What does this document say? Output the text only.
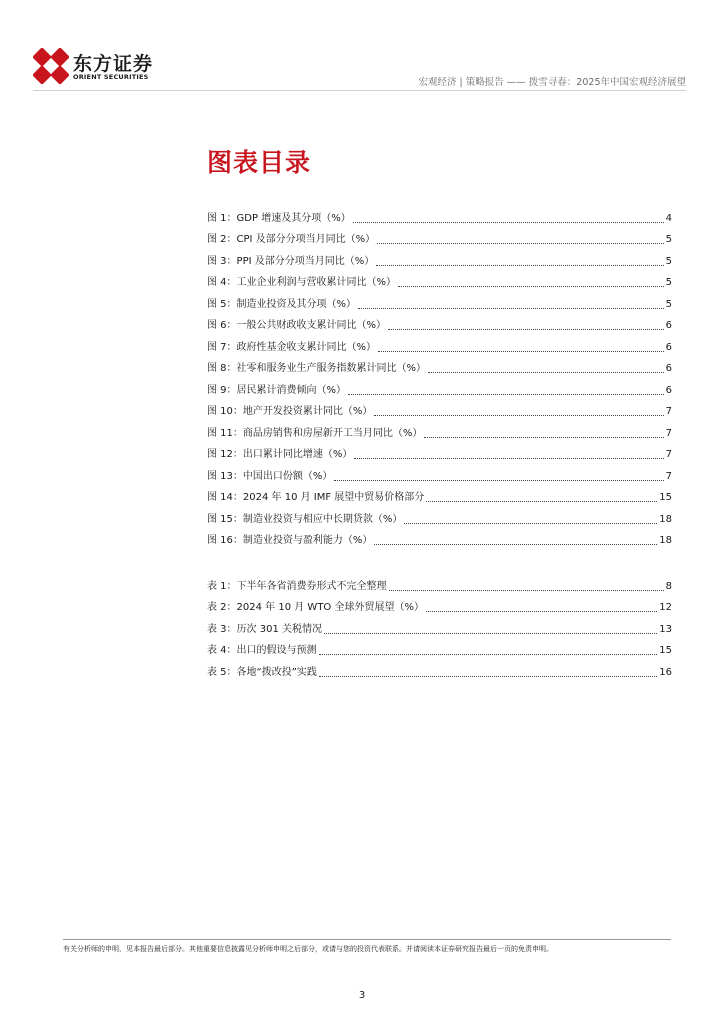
东方证券
ORIENT SECURITIES	宏观经济 | 策略报告 —— 拨雪寻春：2025年中国宏观经济展望
图表目录
图 1：GDP 增速及其分项（%）	4
图 2：CPI 及部分分项当月同比（%）	5
图 3：PPI 及部分分项当月同比（%）	5
图 4：工业企业利润与营收累计同比（%）	5
图 5：制造业投资及其分项（%）	5
图 6：一般公共财政收支累计同比（%）	6
图 7：政府性基金收支累计同比（%）	6
图 8：社零和服务业生产服务指数累计同比（%）	6
图 9：居民累计消费倾向（%）	6
图 10：地产开发投资累计同比（%）	7
图 11：商品房销售和房屋新开工当月同比（%）	7
图 12：出口累计同比增速（%）	7
图 13：中国出口份额（%）	7
图 14：2024 年 10 月 IMF 展望中贸易价格部分	15
图 15：制造业投资与相应中长期贷款（%）	18
图 16：制造业投资与盈利能力（%）	18
表 1：下半年各省消费券形式不完全整理	8
表 2：2024 年 10 月 WTO 全球外贸展望（%）	12
表 3：历次 301 关税情况	13
表 4：出口的假设与预测	15
表 5：各地“拨改投”实践	16
有关分析师的申明，见本报告最后部分。其他重要信息披露见分析师申明之后部分，或请与您的投资代表联系。并请阅读本证券研究报告最后一页的免责申明。
3
